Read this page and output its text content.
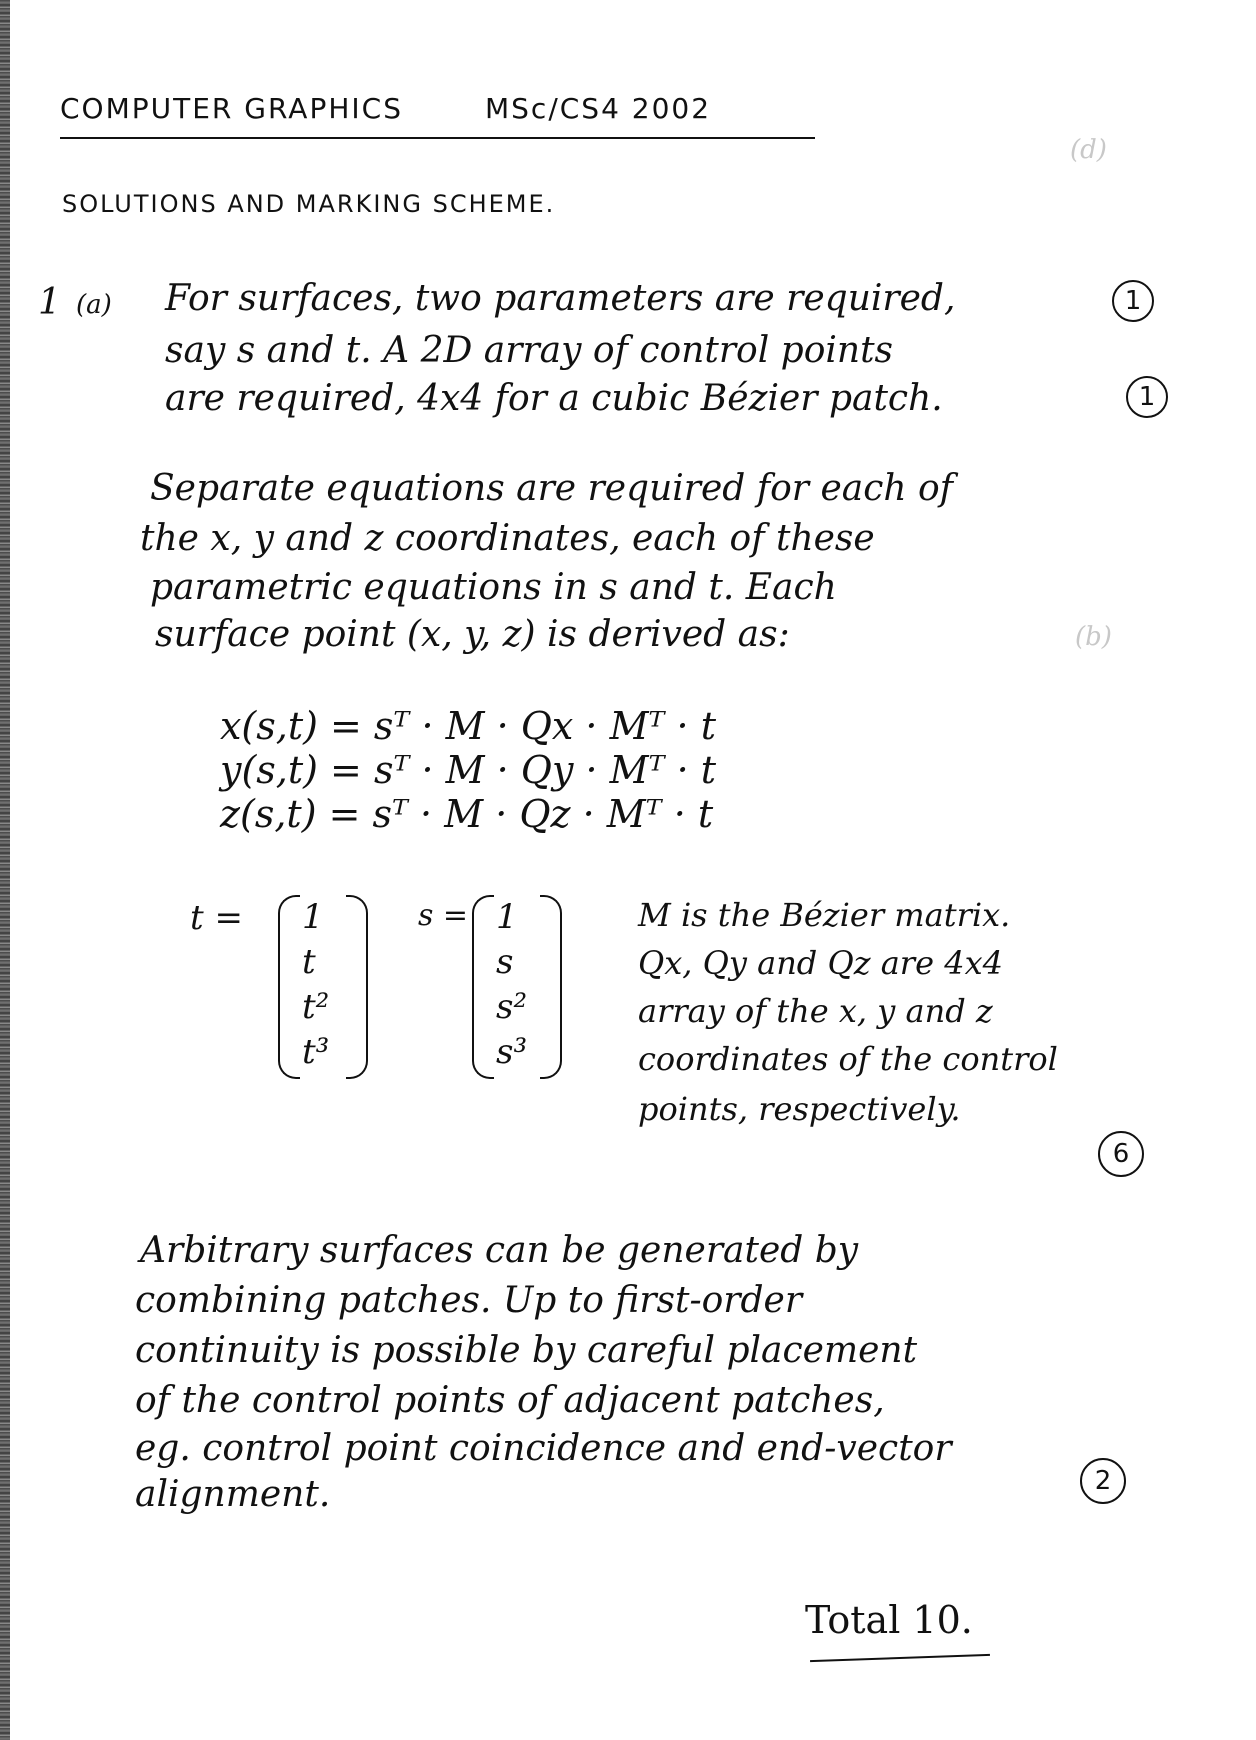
COMPUTER GRAPHICS	MSc/CS4 2002
SOLUTIONS AND MARKING SCHEME.
(d)
(b)
1 (a) For surfaces, two parameters are required,
say s and t. A 2D array of control points
are required, 4x4 for a cubic Bézier patch.
1
1
Separate equations are required for each of
the x, y and z coordinates, each of these
parametric equations in s and t. Each
surface point (x, y, z) is derived as:
x(s,t) = sᵀ · M · Qx · Mᵀ · t
y(s,t) = sᵀ · M · Qy · Mᵀ · t
z(s,t) = sᵀ · M · Qz · Mᵀ · t
t = 1
t
t²
t³
s = 1
s
s²
s³
M is the Bézier matrix.
Qx, Qy and Qz are 4x4
array of the x, y and z
coordinates of the control
points, respectively.
6
Arbitrary surfaces can be generated by
combining patches. Up to first-order
continuity is possible by careful placement
of the control points of adjacent patches,
eg. control point coincidence and end-vector
alignment.	2
Total 10.
